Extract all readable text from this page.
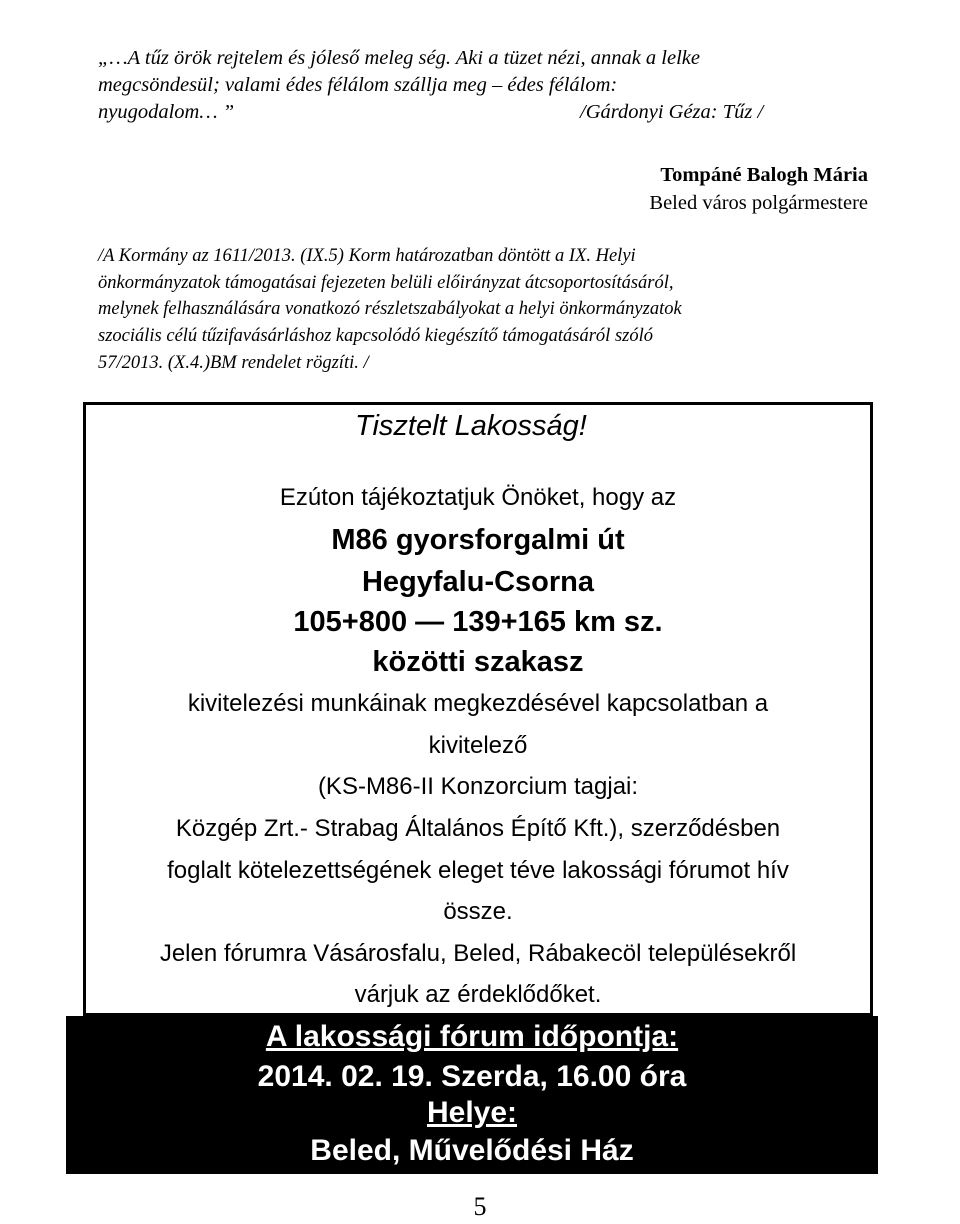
„…A tűz örök rejtelem és jóleső meleg ség. Aki a tüzet nézi, annak a lelke
megcsöndesül; valami édes félálom szállja meg – édes félálom:
nyugodalom… ”	/Gárdonyi Géza: Tűz /
Tompáné Balogh Mária
Beled város polgármestere
/A Kormány az 1611/2013. (IX.5) Korm határozatban döntött a IX. Helyi
önkormányzatok támogatásai fejezeten belüli előirányzat átcsoportosításáról,
melynek felhasználására vonatkozó részletszabályokat a helyi önkormányzatok
szociális célú tűzifavásárláshoz kapcsolódó kiegészítő támogatásáról szóló
57/2013. (X.4.)BM rendelet rögzíti. /
Tisztelt Lakosság!
Ezúton tájékoztatjuk Önöket, hogy az
M86 gyorsforgalmi út
Hegyfalu-Csorna
105+800 — 139+165 km sz.
közötti szakasz
kivitelezési munkáinak megkezdésével kapcsolatban a
kivitelező
(KS-M86-II Konzorcium tagjai:
Közgép Zrt.- Strabag Általános Építő Kft.), szerződésben
foglalt kötelezettségének eleget téve lakossági fórumot hív
össze.
Jelen fórumra Vásárosfalu, Beled, Rábakecöl településekről
várjuk az érdeklődőket.
A lakossági fórum időpontja:
2014. 02. 19. Szerda, 16.00 óra
Helye:
Beled, Művelődési Ház
5
